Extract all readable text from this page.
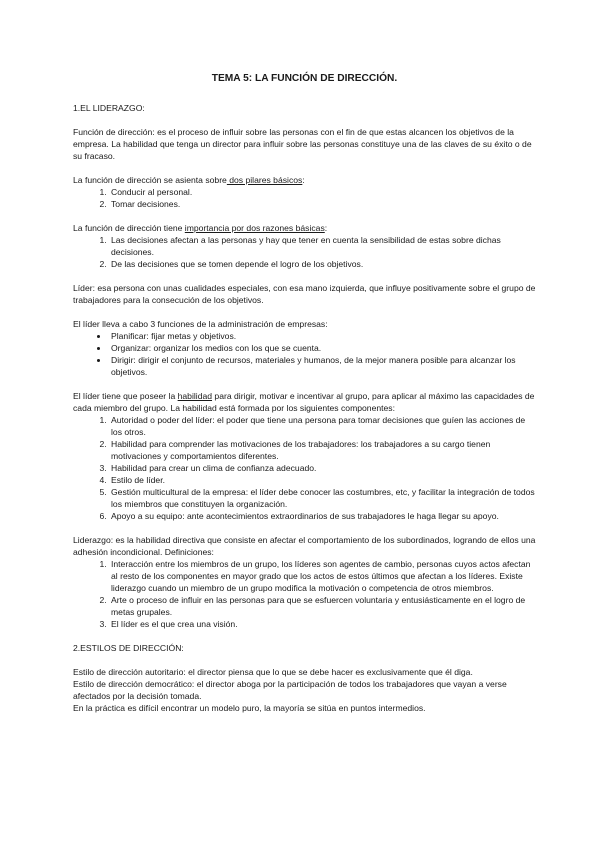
TEMA 5: LA FUNCIÓN DE DIRECCIÓN.
1.EL LIDERAZGO:

Función de dirección: es el proceso de influir sobre las personas con el fin de que estas alcancen los objetivos de la empresa. La habilidad que tenga un director para influir sobre las personas constituye una de las claves de su éxito o de su fracaso.

La función de dirección se asienta sobre dos pilares básicos:

1. Conducir al personal.
2. Tomar decisiones.

La función de dirección tiene importancia por dos razones básicas:

1. Las decisiones afectan a las personas y hay que tener en cuenta la sensibilidad de estas sobre dichas decisiones.
2. De las decisiones que se tomen depende el logro de los objetivos.

Líder: esa persona con unas cualidades especiales, con esa mano izquierda, que influye positivamente sobre el grupo de trabajadores para la consecución de los objetivos.

El líder lleva a cabo 3 funciones de la administración de empresas:

• Planificar: fijar metas y objetivos.
• Organizar: organizar los medios con los que se cuenta.
• Dirigir: dirigir el conjunto de recursos, materiales y humanos, de la mejor manera posible para alcanzar los objetivos.

El líder tiene que poseer la habilidad para dirigir, motivar e incentivar al grupo, para aplicar al máximo las capacidades de cada miembro del grupo. La habilidad está formada por los siguientes componentes:

1. Autoridad o poder del líder: el poder que tiene una persona para tomar decisiones que guíen las acciones de los otros.
2. Habilidad para comprender las motivaciones de los trabajadores: los trabajadores a su cargo tienen motivaciones y comportamientos diferentes.
3. Habilidad para crear un clima de confianza adecuado.
4. Estilo de líder.
5. Gestión multicultural de la empresa: el líder debe conocer las costumbres, etc, y facilitar la integración de todos los miembros que constituyen la organización.
6. Apoyo a su equipo: ante acontecimientos extraordinarios de sus trabajadores le haga llegar su apoyo.

Liderazgo: es la habilidad directiva que consiste en afectar el comportamiento de los subordinados, logrando de ellos una adhesión incondicional. Definiciones:

1. Interacción entre los miembros de un grupo, los líderes son agentes de cambio, personas cuyos actos afectan al resto de los componentes en mayor grado que los actos de estos últimos que afectan a los líderes. Existe liderazgo cuando un miembro de un grupo modifica la motivación o competencia de otros miembros.
2. Arte o proceso de influir en las personas para que se esfuercen voluntaria y entusiásticamente en el logro de metas grupales.
3. El líder es el que crea una visión.
2.ESTILOS DE DIRECCIÓN:

Estilo de dirección autoritario: el director piensa que lo que se debe hacer es exclusivamente que él diga.

Estilo de dirección democrático: el director aboga por la participación de todos los trabajadores que vayan a verse afectados por la decisión tomada.

En la práctica es difícil encontrar un modelo puro, la mayoría se sitúa en puntos intermedios.
